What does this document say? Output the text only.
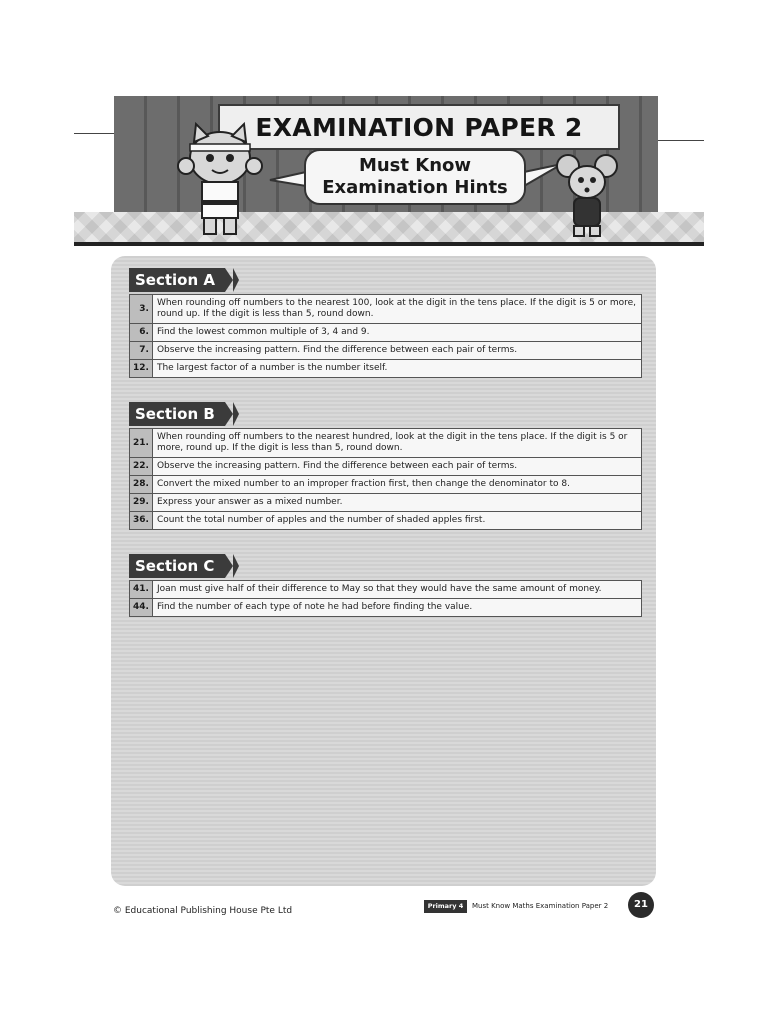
EXAMINATION PAPER 2
Must Know
Examination Hints
Section A
3.	When rounding off numbers to the nearest 100, look at the digit in the tens place. If the digit is 5 or more, round up. If the digit is less than 5, round down.
6.	Find the lowest common multiple of 3, 4 and 9.
7.	Observe the increasing pattern. Find the difference between each pair of terms.
12.	The largest factor of a number is the number itself.
Section B
21.	When rounding off numbers to the nearest hundred, look at the digit in the tens place. If the digit is 5 or more, round up. If the digit is less than 5, round down.
22.	Observe the increasing pattern. Find the difference between each pair of terms.
28.	Convert the mixed number to an improper fraction first, then change the denominator to 8.
29.	Express your answer as a mixed number.
36.	Count the total number of apples and the number of shaded apples first.
Section C
41.	Joan must give half of their difference to May so that they would have the same amount of money.
44.	Find the number of each type of note he had before finding the value.
© Educational Publishing House Pte Ltd	Primary 4	Must Know Maths Examination Paper 2	21
